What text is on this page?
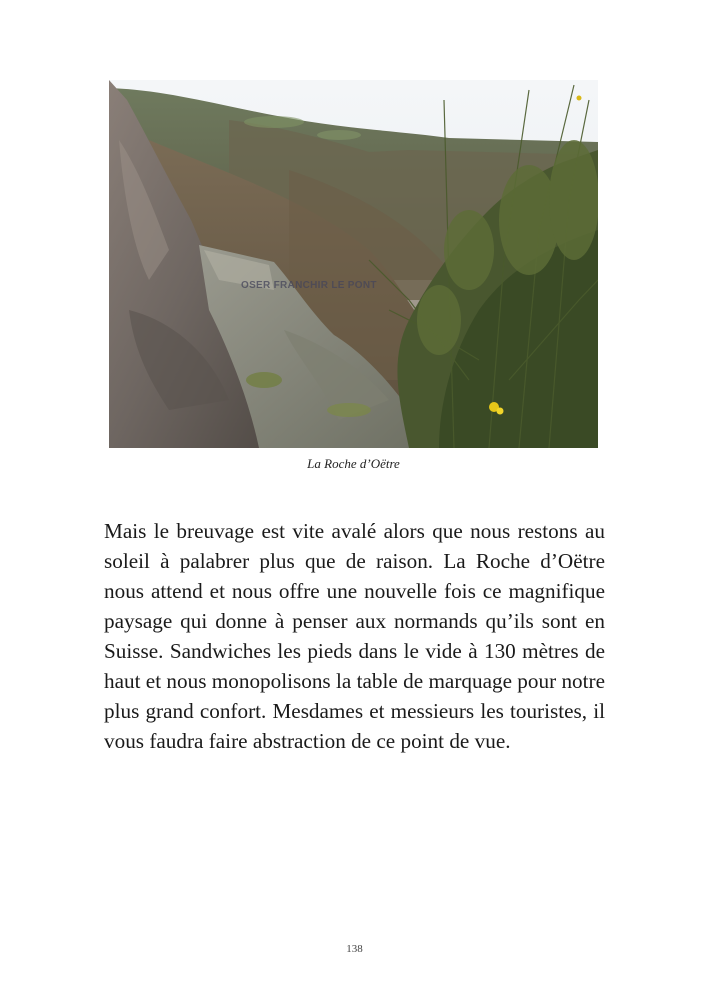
OSER FRANCHIR LE PONT
La Roche d’Oëtre

Mais le breuvage est vite avalé alors que nous restons au soleil à palabrer plus que de raison. La Roche d’Oëtre nous attend et nous offre une nouvelle fois ce magnifique paysage qui donne à penser aux normands qu’ils sont en Suisse. Sandwiches les pieds dans le vide à 130 mètres de haut et nous monopolisons la table de marquage pour notre plus grand confort. Mesdames et messieurs les touristes, il vous faudra faire abstraction de ce point de vue.

138
